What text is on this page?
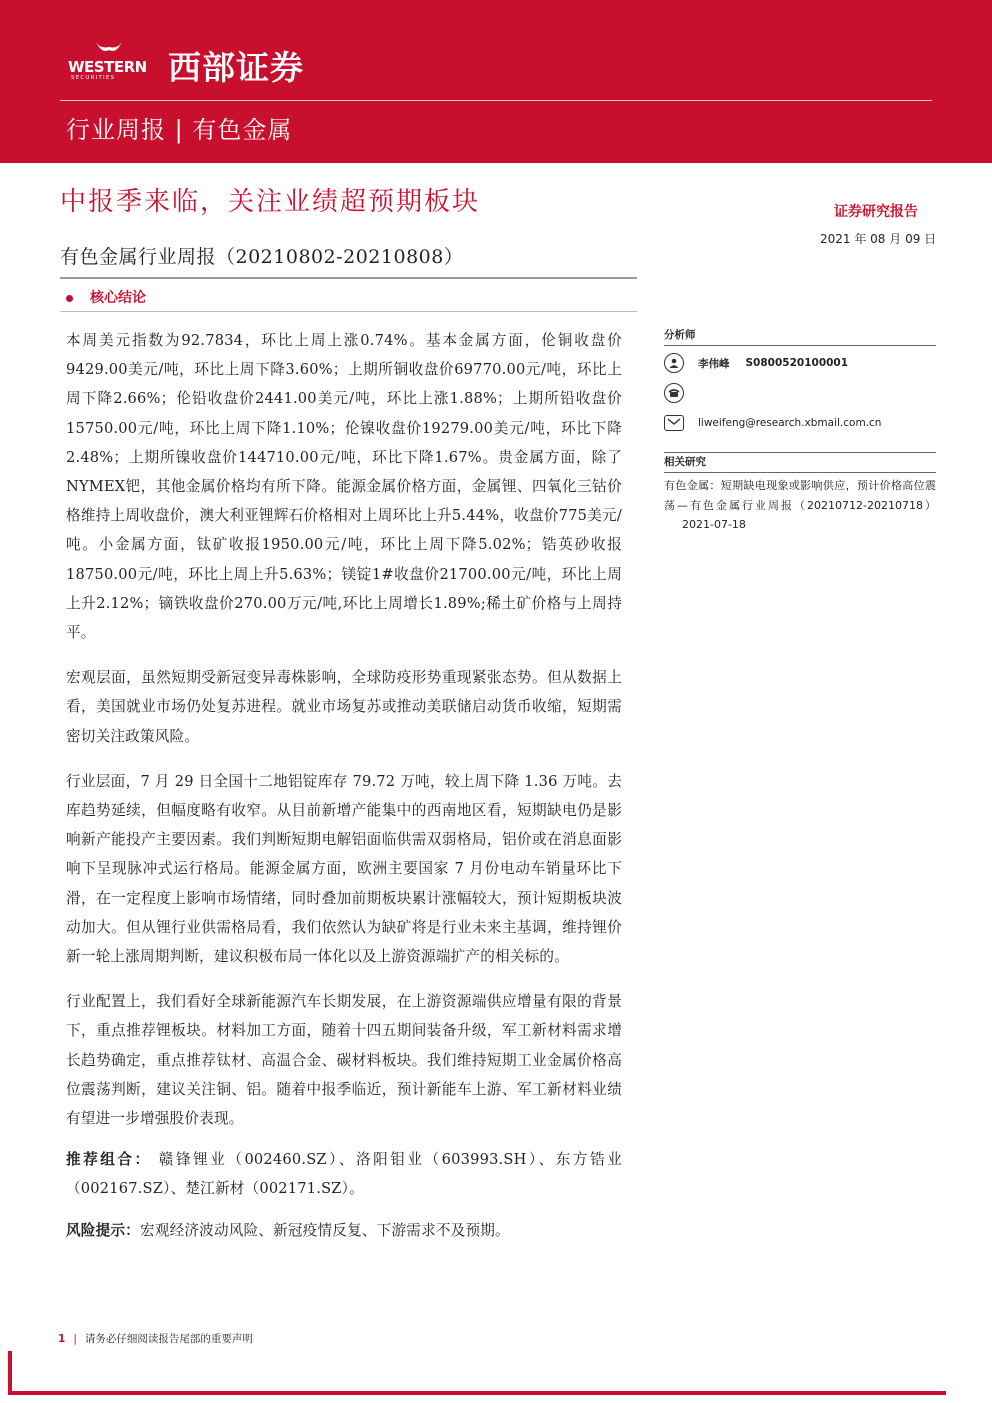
WESTERN
SECURITIES 西部证券
行业周报 | 有色金属
中报季来临，关注业绩超预期板块	证券研究报告
2021 年 08 月 09 日
有色金属行业周报（20210802-20210808）
核心结论

本周美元指数为92.7834，环比上周上涨0.74%。基本金属方面，伦铜收盘价9429.00美元/吨，环比上周下降3.60%；上期所铜收盘价69770.00元/吨，环比上周下降2.66%；伦铅收盘价2441.00美元/吨，环比上涨1.88%；上期所铅收盘价15750.00元/吨，环比上周下降1.10%；伦镍收盘价19279.00美元/吨，环比下降2.48%；上期所镍收盘价144710.00元/吨，环比下降1.67%。贵金属方面，除了NYMEX钯，其他金属价格均有所下降。能源金属价格方面，金属锂、四氧化三钴价格维持上周收盘价，澳大利亚锂辉石价格相对上周环比上升5.44%，收盘价775美元/吨。小金属方面，钛矿收报1950.00元/吨，环比上周下降5.02%；锆英砂收报18750.00元/吨，环比上周上升5.63%；镁锭1#收盘价21700.00元/吨，环比上周上升2.12%；镝铁收盘价270.00万元/吨,环比上周增长1.89%;稀土矿价格与上周持平。

宏观层面，虽然短期受新冠变异毒株影响，全球防疫形势重现紧张态势。但从数据上看，美国就业市场仍处复苏进程。就业市场复苏或推动美联储启动货币收缩，短期需密切关注政策风险。

行业层面，7 月 29 日全国十二地铝锭库存 79.72 万吨，较上周下降 1.36 万吨。去库趋势延续，但幅度略有收窄。从目前新增产能集中的西南地区看，短期缺电仍是影响新产能投产主要因素。我们判断短期电解铝面临供需双弱格局，铝价或在消息面影响下呈现脉冲式运行格局。能源金属方面，欧洲主要国家 7 月份电动车销量环比下滑，在一定程度上影响市场情绪，同时叠加前期板块累计涨幅较大，预计短期板块波动加大。但从锂行业供需格局看，我们依然认为缺矿将是行业未来主基调，维持锂价新一轮上涨周期判断，建议积极布局一体化以及上游资源端扩产的相关标的。

行业配置上，我们看好全球新能源汽车长期发展，在上游资源端供应增量有限的背景下，重点推荐锂板块。材料加工方面，随着十四五期间装备升级，军工新材料需求增长趋势确定，重点推荐钛材、高温合金、碳材料板块。我们维持短期工业金属价格高位震荡判断，建议关注铜、铝。随着中报季临近，预计新能车上游、军工新材料业绩有望进一步增强股价表现。

推荐组合： 赣锋锂业（002460.SZ）、洛阳钼业（603993.SH）、东方锆业（002167.SZ）、楚江新材（002171.SZ）。

风险提示：宏观经济波动风险、新冠疫情反复、下游需求不及预期。

分析师
李伟峰 S0800520100001
liweifeng@research.xbmail.com.cn
相关研究
有色金属：短期缺电现象或影响供应，预计价格高位震荡—有色金属行业周报（20210712-20210718）2021-07-18
1 | 请务必仔细阅读报告尾部的重要声明
